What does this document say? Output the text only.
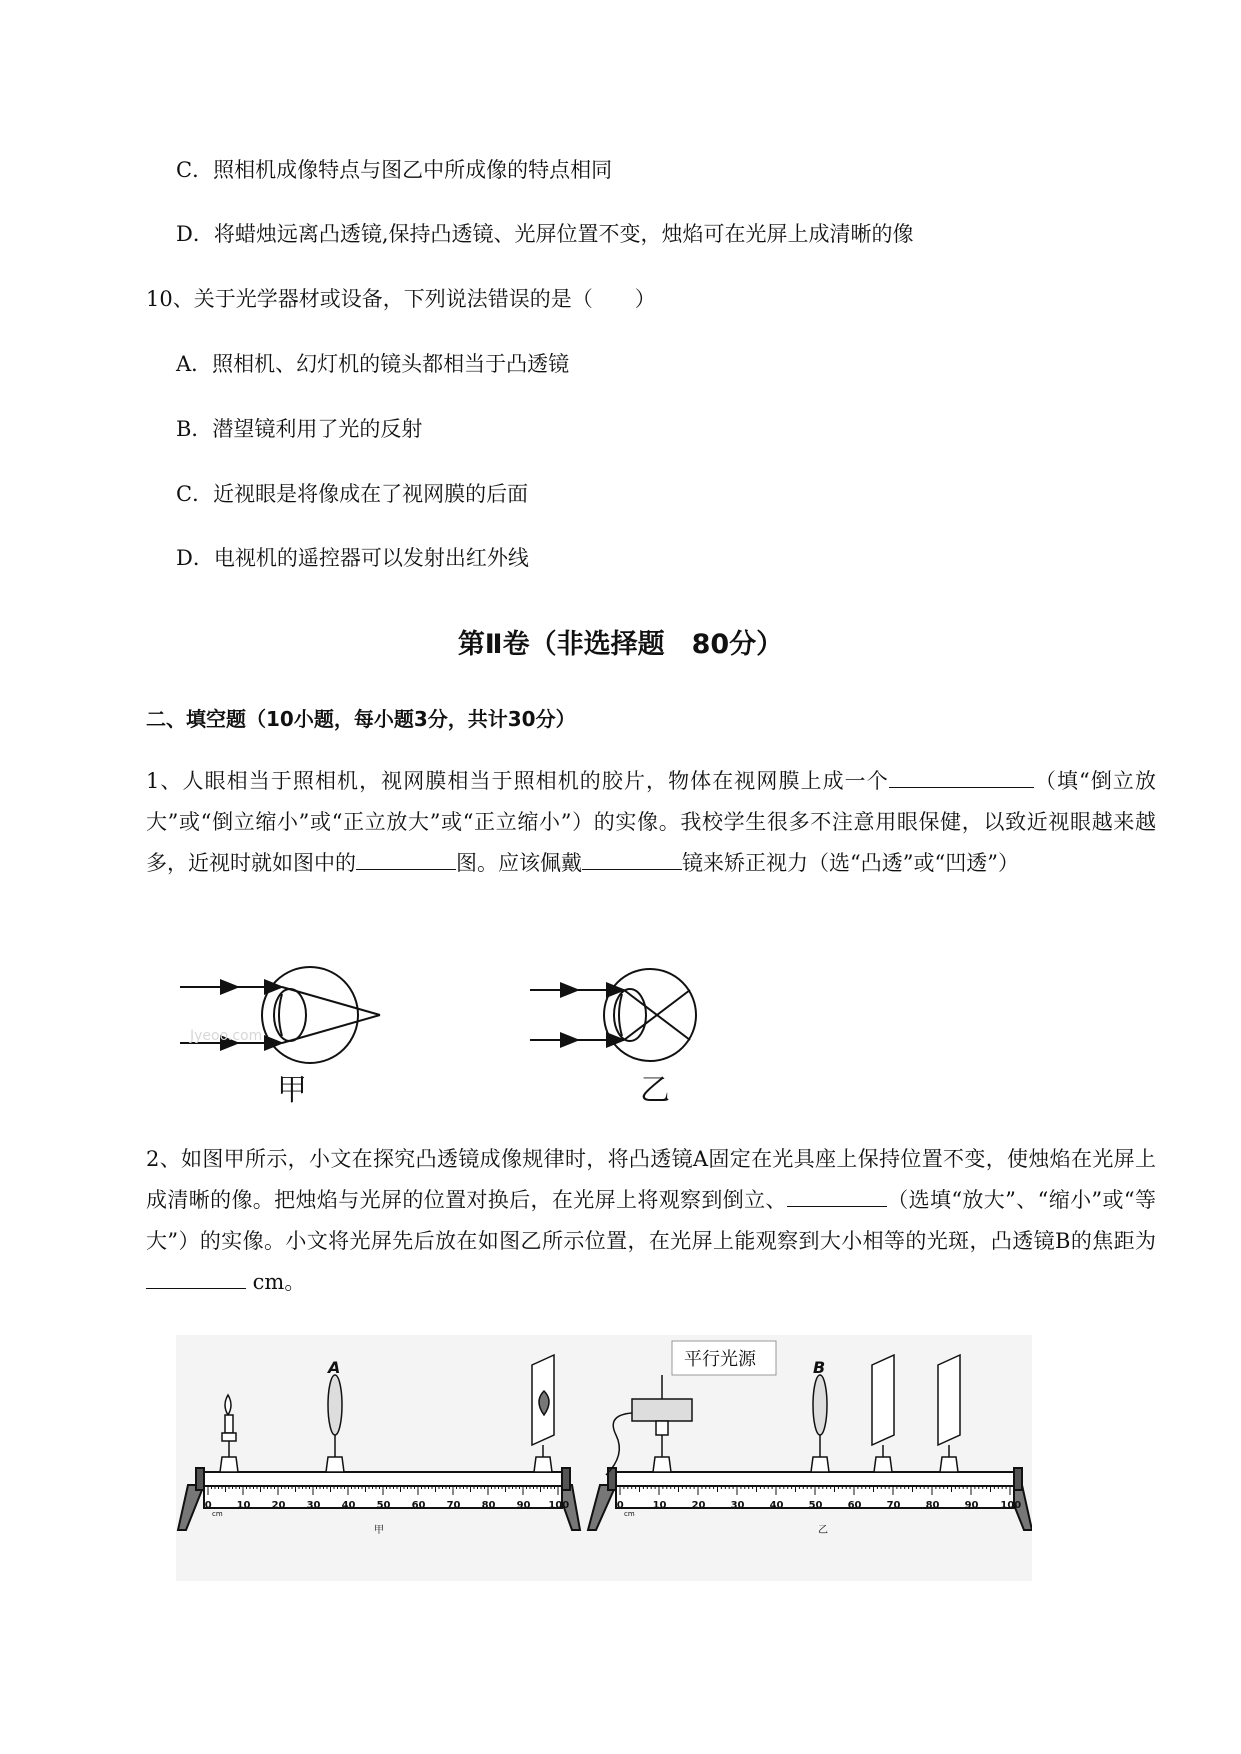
C．照相机成像特点与图乙中所成像的特点相同
D．将蜡烛远离凸透镜,保持凸透镜、光屏位置不变，烛焰可在光屏上成清晰的像
10、关于光学器材或设备，下列说法错误的是（　　）
A．照相机、幻灯机的镜头都相当于凸透镜
B．潜望镜利用了光的反射
C．近视眼是将像成在了视网膜的后面
D．电视机的遥控器可以发射出红外线
第Ⅱ卷（非选择题　80分）
二、填空题（10小题，每小题3分，共计30分）
1、人眼相当于照相机，视网膜相当于照相机的胶片，物体在视网膜上成一个	（填“倒立放大”或“倒立缩小”或“正立放大”或“正立缩小”）的实像。我校学生很多不注意用眼保健，以致近视眼越来越多，近视时就如图中的	图。应该佩戴	镜来矫正视力（选“凸透”或“凹透”）
Jyeoo.com
甲	乙
2、如图甲所示，小文在探究凸透镜成像规律时，将凸透镜A固定在光具座上保持位置不变，使烛焰在光屏上成清晰的像。把烛焰与光屏的位置对换后，在光屏上将观察到倒立、	（选填“放大”、“缩小”或“等大”）的实像。小文将光屏先后放在如图乙所示位置，在光屏上能观察到大小相等的光斑，凸透镜B的焦距为 cm。
0 10 20 30 40 50 60 70 80 90 100
cm
A
甲
0	10	20	30	40	50	60	70	80	90 100
cm
平行光源	B
乙
